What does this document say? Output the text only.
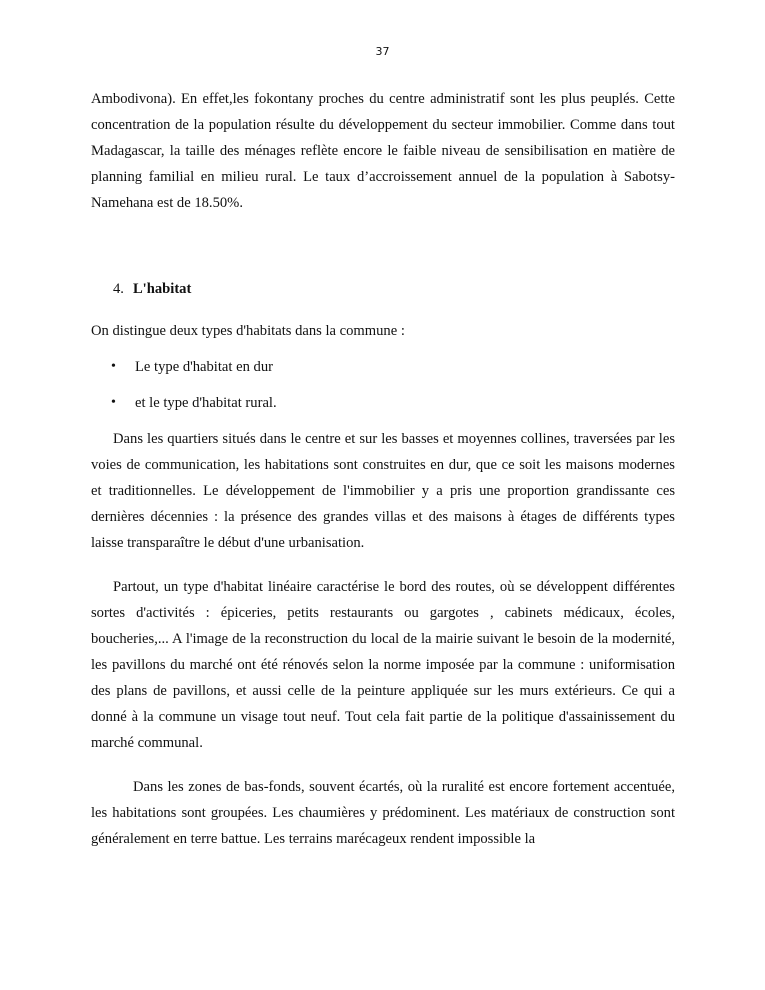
37

Ambodivona). En effet,les fokontany proches du centre administratif sont les plus peuplés. Cette concentration de la population résulte du développement du secteur immobilier. Comme dans tout Madagascar, la taille des ménages reflète encore le faible niveau de sensibilisation en matière de planning familial en milieu rural. Le taux d’accroissement annuel de la population à Sabotsy-Namehana est de 18.50%.

4. L'habitat

On distingue deux types d'habitats dans la commune :

• Le type d'habitat en dur
• et le type d'habitat rural.

Dans les quartiers situés dans le centre et sur les basses et moyennes collines, traversées par les voies de communication, les habitations sont construites en dur, que ce soit les maisons modernes et traditionnelles. Le développement de l'immobilier y a pris une proportion grandissante ces dernières décennies : la présence des grandes villas et des maisons à étages de différents types laisse transparaître le début d'une urbanisation.

Partout, un type d'habitat linéaire caractérise le bord des routes, où se développent différentes sortes d'activités : épiceries, petits restaurants ou gargotes , cabinets médicaux, écoles, boucheries,... A l'image de la reconstruction du local de la mairie suivant le besoin de la modernité, les pavillons du marché ont été rénovés selon la norme imposée par la commune : uniformisation des plans de pavillons, et aussi celle de la peinture appliquée sur les murs extérieurs. Ce qui a donné à la commune un visage tout neuf. Tout cela fait partie de la politique d'assainissement du marché communal.

Dans les zones de bas-fonds, souvent écartés, où la ruralité est encore fortement accentuée, les habitations sont groupées. Les chaumières y prédominent. Les matériaux de construction sont généralement en terre battue. Les terrains marécageux rendent impossible la
